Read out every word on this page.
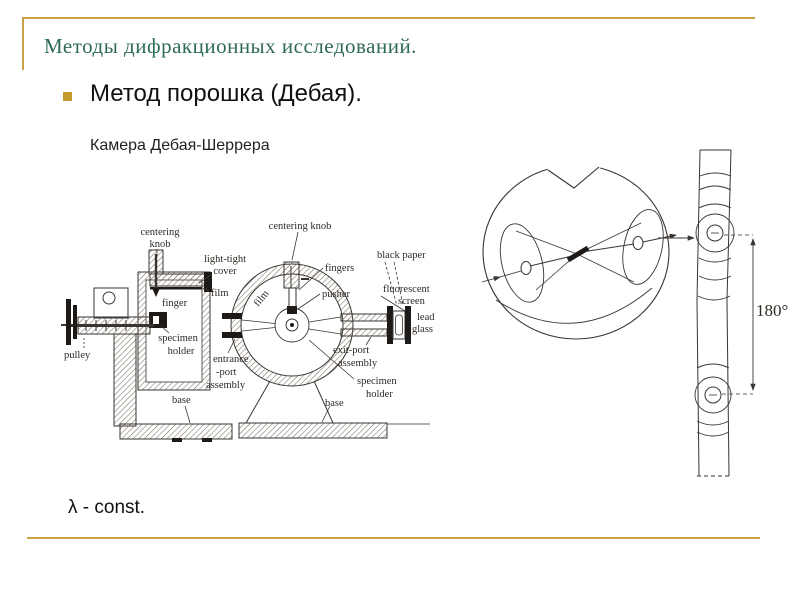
Методы дифракционных исследований.
Метод порошка (Дебая).
Камера Дебая-Шеррера
λ - const.
centering
knob
light-tight
cover
film
finger
specimen
holder
pulley
base
film
centering knob
fingers
pusher
black paper
fluorescent
screen
lead
glass
exit-port
assembly
specimen
holder
entrance
-port
assembly
base
180°
